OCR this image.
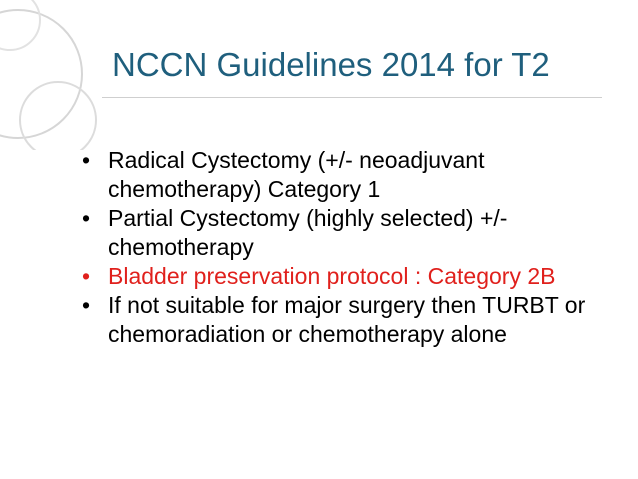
NCCN Guidelines 2014 for T2
• Radical Cystectomy (+/- neoadjuvant chemotherapy) Category 1
• Partial Cystectomy (highly selected) +/- chemotherapy
• Bladder preservation protocol : Category 2B
• If not suitable for major surgery then TURBT or chemoradiation or chemotherapy alone
